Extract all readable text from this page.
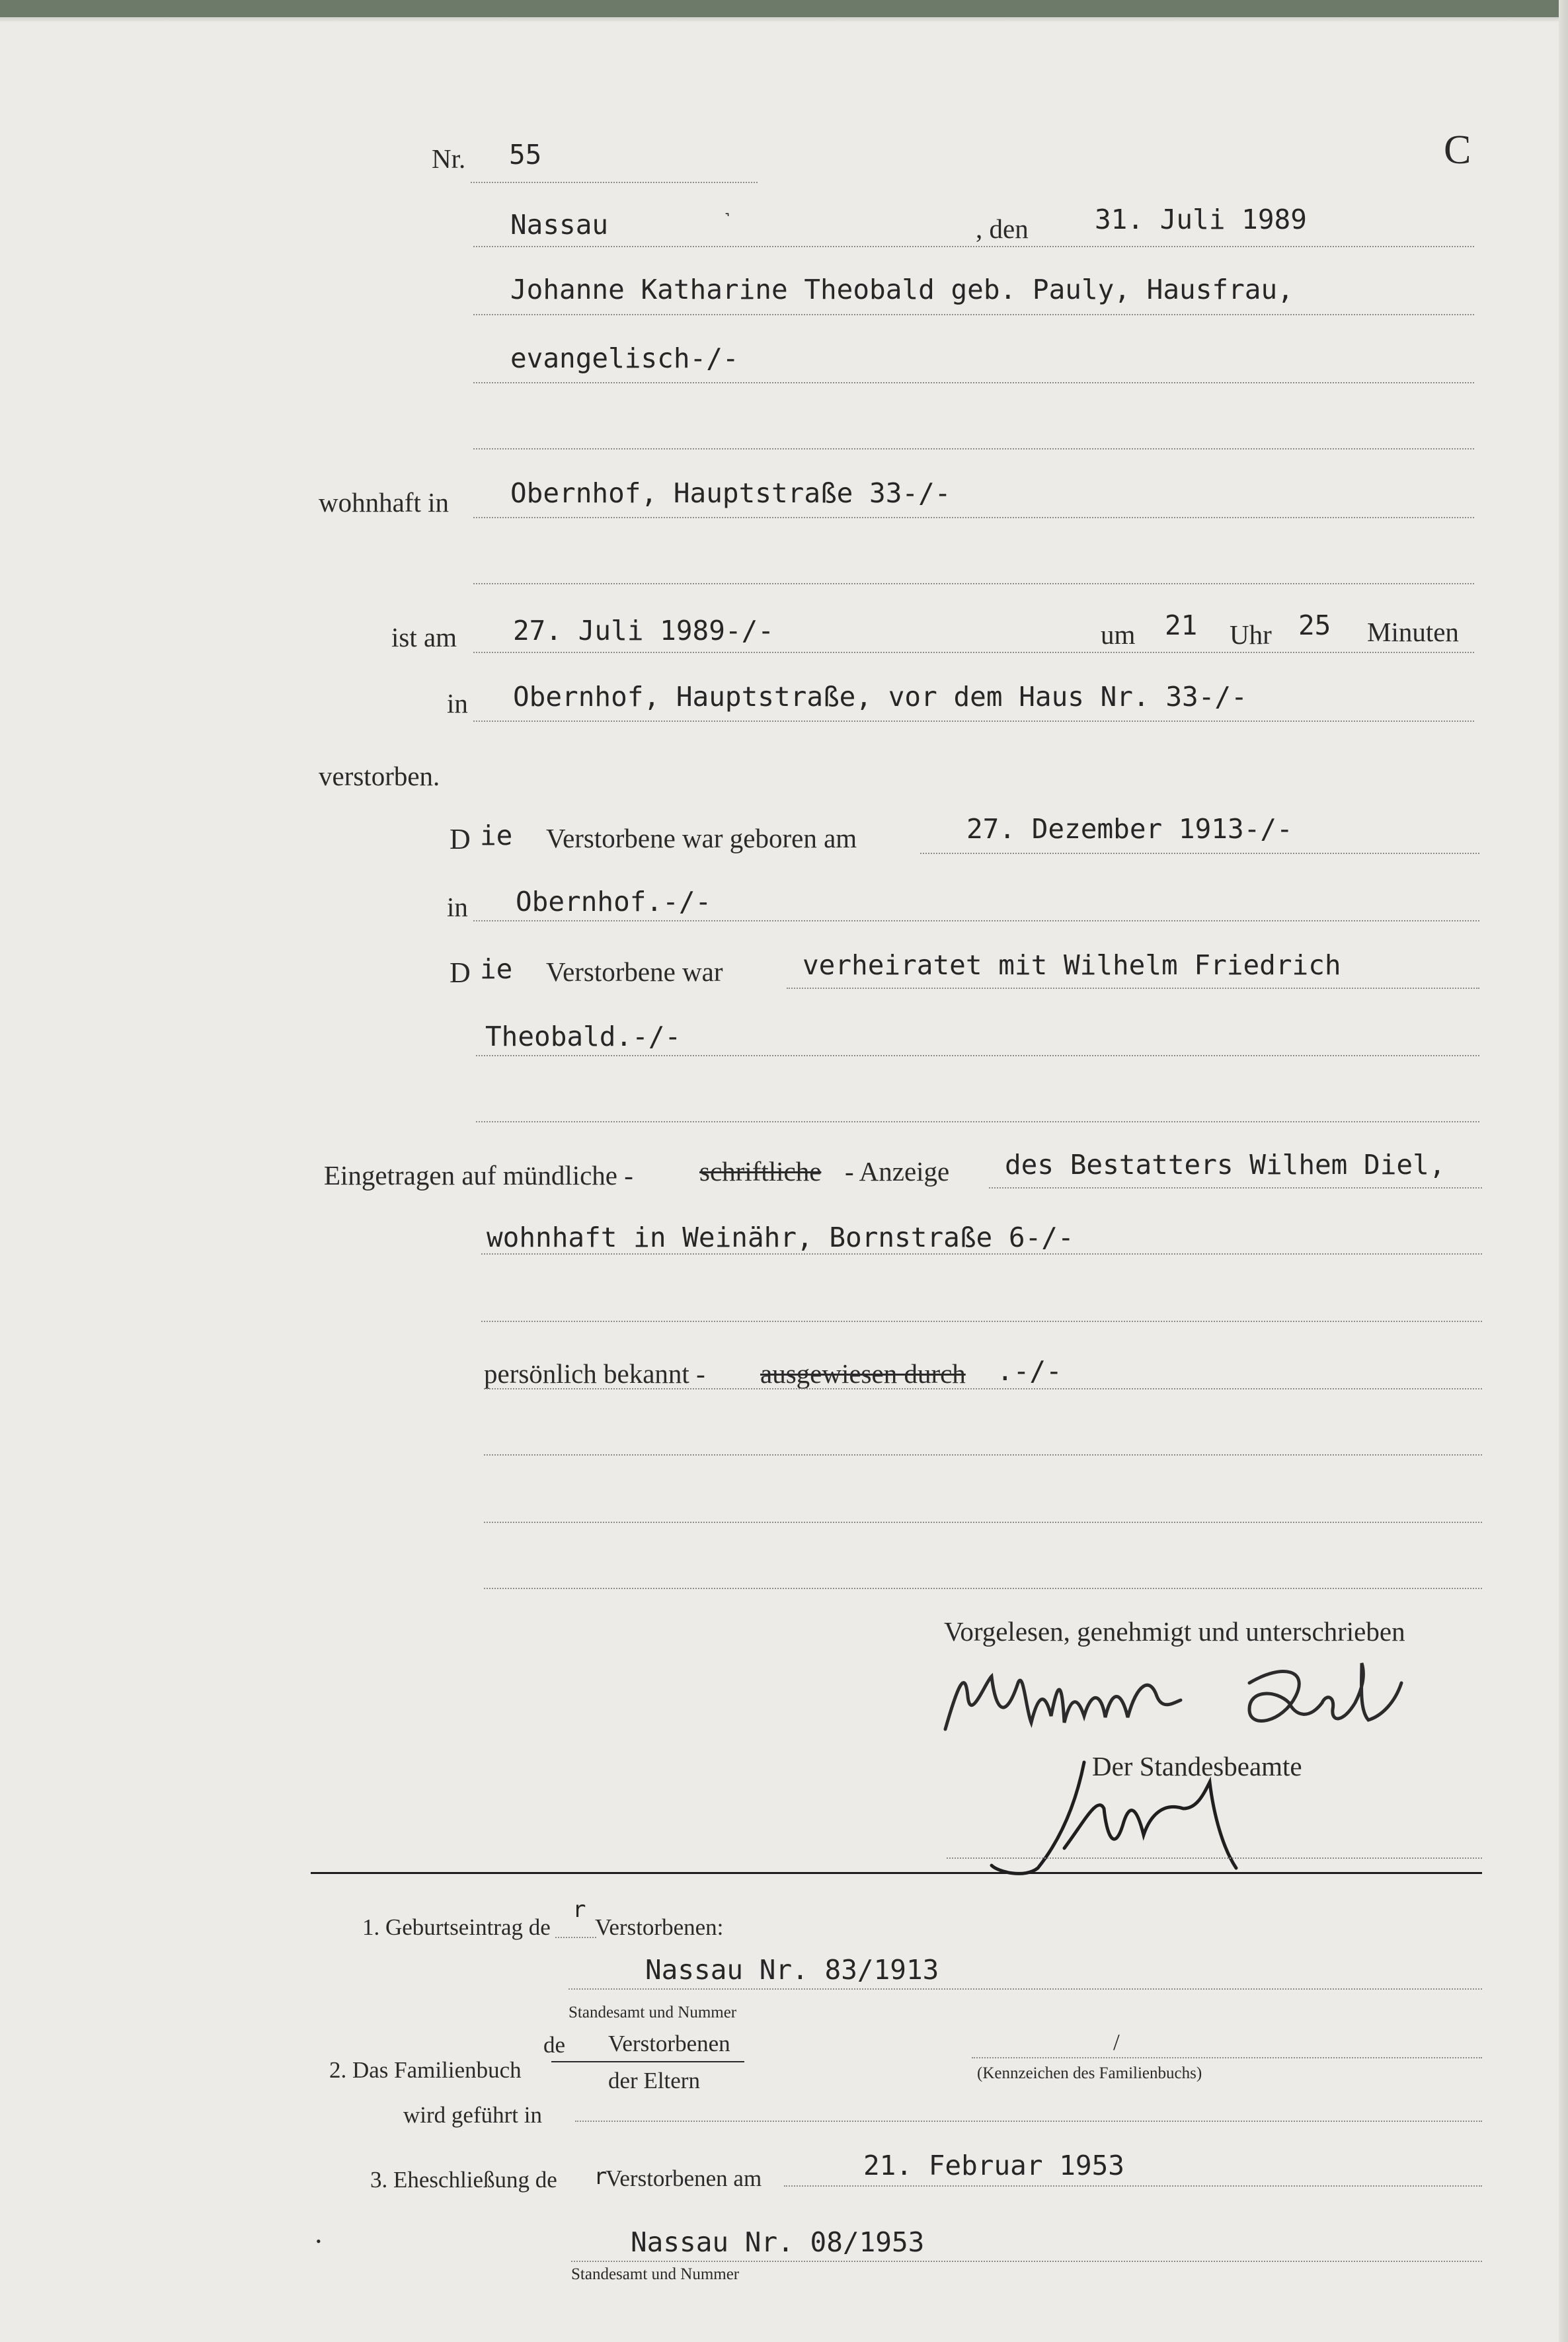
Nr. 55	C
Nassau	˺	, den 31. Juli 1989
Johanne Katharine Theobald geb. Pauly, Hausfrau,
evangelisch-/-
wohnhaft in Obernhof, Hauptstraße 33-/-
ist am 27. Juli 1989-/-	um 21 Uhr 25 Minuten
in Obernhof, Hauptstraße, vor dem Haus Nr. 33-/-
verstorben.
D ie Verstorbene war geboren am	27. Dezember 1913-/-
in Obernhof.-/-
D ie Verstorbene war	verheiratet mit Wilhelm Friedrich
Theobald.-/-
Eingetragen auf mündliche - schriftliche - Anzeige des Bestatters Wilhem Diel,
wohnhaft in Weinähr, Bornstraße 6-/-
persönlich bekannt - ausgewiesen durch .-/-
Vorgelesen, genehmigt und unterschrieben
Der Standesbeamte
1. Geburtseintrag de
r
Verstorbenen:
Nassau Nr. 83/1913
Standesamt und Nummer
de Verstorbenen
2. Das Familienbuch	der Eltern
/
(Kennzeichen des Familienbuchs)
wird geführt in
3. Eheschließung de r
Verstorbenen am	21. Februar 1953
•	Nassau Nr. 08/1953
Standesamt und Nummer
